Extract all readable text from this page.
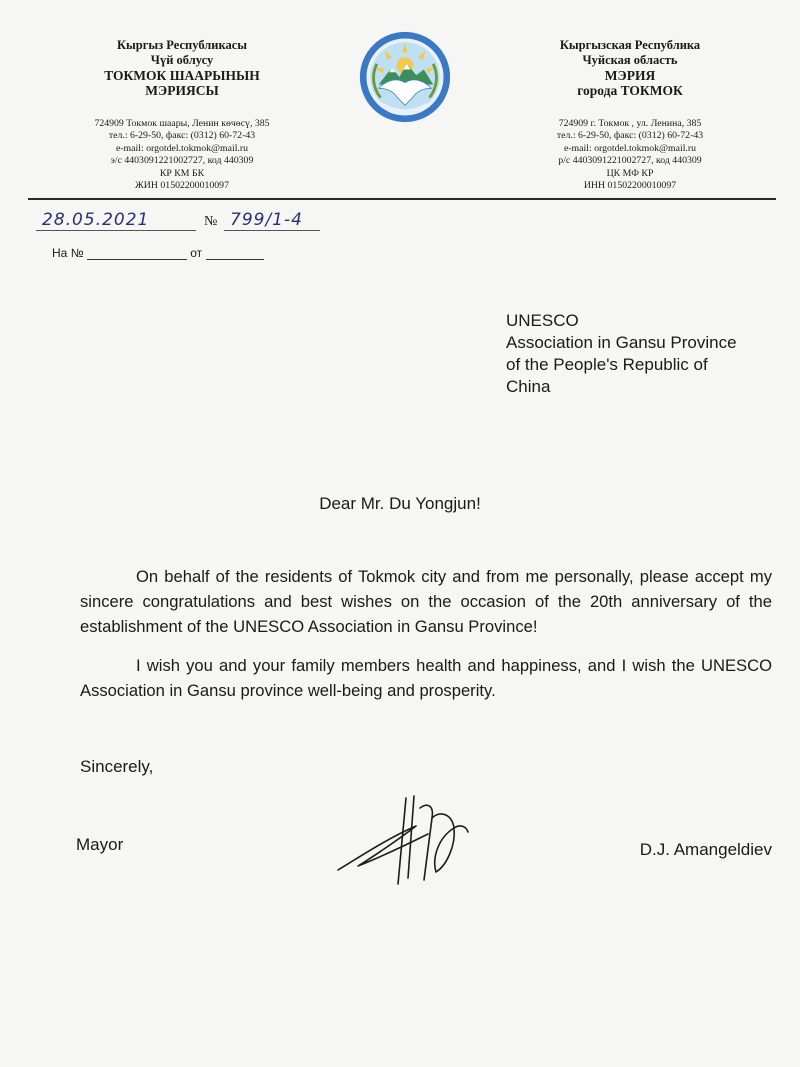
Кыргыз Республикасы

Чүй облусу

ТОКМОК ШААРЫНЫН

МЭРИЯСЫ

724909 Токмок шаары, Ленин көчөсү, 385
тел.: 6-29-50, факс: (0312) 60-72-43
e-mail: orgotdel.tokmok@mail.ru
э/с 4403091221002727, код 440309
КР КМ БК
ЖИН 01502200010097

Кыргызская Республика

Чуйская область

МЭРИЯ

города ТОКМОК

724909 г. Токмок , ул. Ленина, 385
тел.: 6-29-50, факс: (0312) 60-72-43
e-mail: orgotdel.tokmok@mail.ru
р/с 4403091221002727, код 440309
ЦК МФ КР
ИНН 01502200010097
28.05.2021	№ 799/1-4
На №	от
UNESCO
Association in Gansu Province
of the People's Republic of
China
Dear Mr. Du Yongjun!

On behalf of the residents of Tokmok city and from me personally, please accept my sincere congratulations and best wishes on the occasion of the 20th anniversary of the establishment of the UNESCO Association in Gansu Province!

I wish you and your family members health and happiness, and I wish the UNESCO Association in Gansu province well-being and prosperity.

Sincerely,
Mayor	D.J. Amangeldiev
